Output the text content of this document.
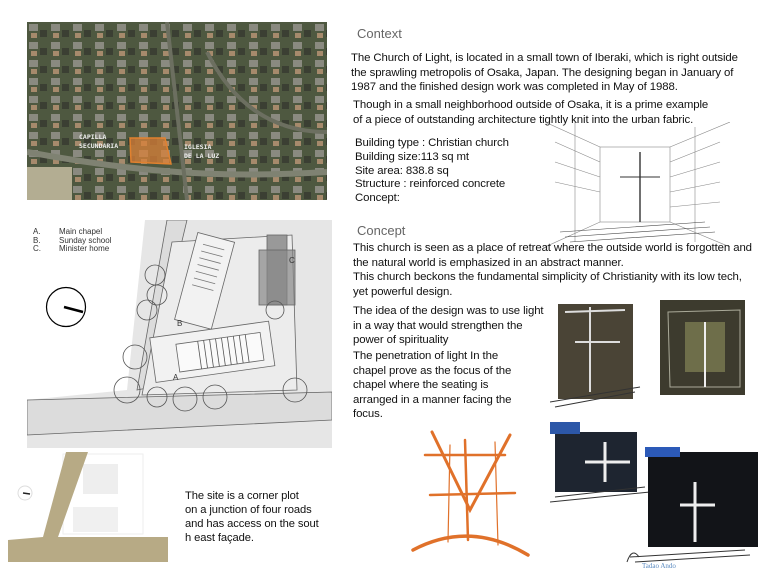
CAPILLA
SECUNDARIA	IGLESIA
DE LA LUZ
Context
The Church of Light, is located in a small town of Iberaki, which is right outside
the sprawling metropolis of Osaka, Japan. The designing began in January of
1987 and the finished design work was completed in May of 1988.
Though in a small neighborhood outside of Osaka, it is a prime example
of a piece of outstanding architecture tightly knit into the urban fabric.
Building type : Christian church
Building size:113 sq mt
Site area: 838.8 sq
Structure : reinforced concrete
Concept:
Concept
This church is seen as a place of retreat where the outside world is forgotten and
the natural world is emphasized in an abstract manner.
This church beckons the fundamental simplicity of Christianity with its low tech,
yet powerful design.
The idea of the design was to use light
in a way that would strengthen the
power of spirituality
The penetration of light In the
chapel prove as the focus of the
chapel where the seating is
arranged in a manner facing the
focus.
Tadao Ando
A. Main chapel
B. Sunday school
C. Minister home
A
B
C
The site is a corner plot
on a junction of four roads
and has access on the sout
h east façade.
